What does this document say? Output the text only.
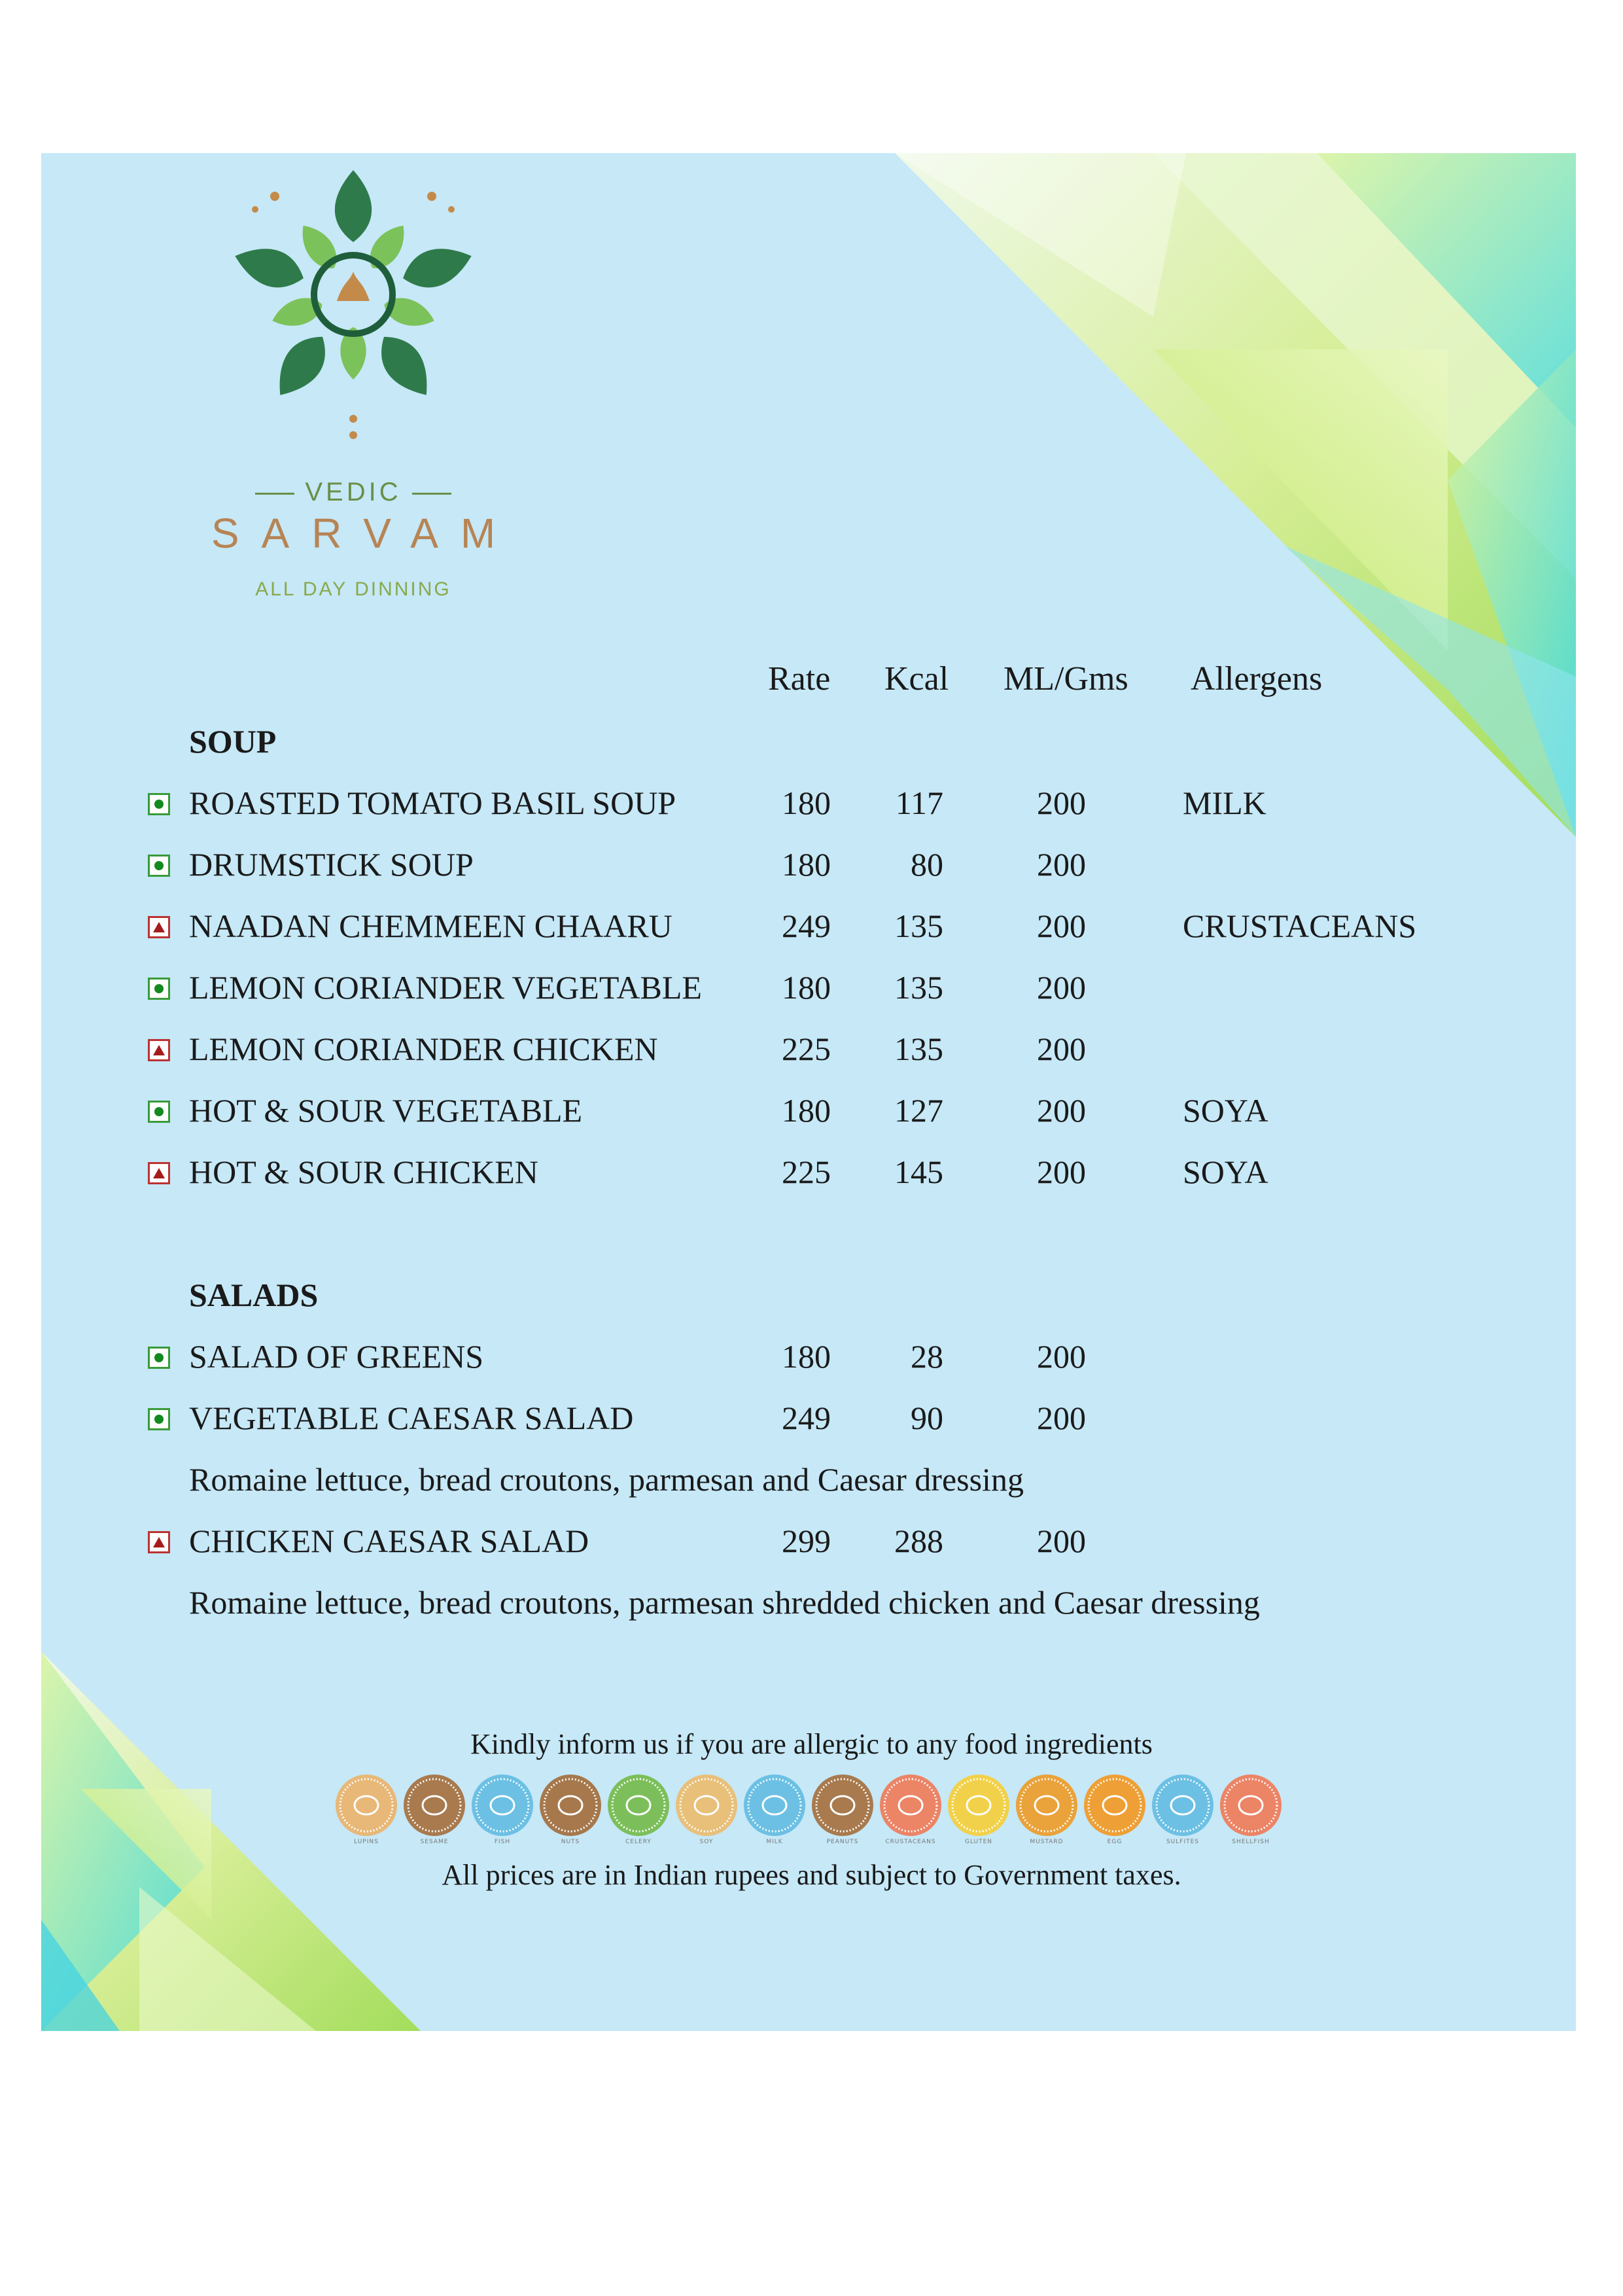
VEDIC
SARVAM
ALL DAY DINNING
Rate Kcal ML/Gms Allergens
SOUP
ROASTED TOMATO BASIL SOUP	180	117	200	MILK
DRUMSTICK SOUP	180	80	200
NAADAN CHEMMEEN CHAARU	249	135	200	CRUSTACEANS
LEMON CORIANDER VEGETABLE	180	135	200
LEMON CORIANDER CHICKEN	225	135	200
HOT & SOUR VEGETABLE	180	127	200	SOYA
HOT & SOUR CHICKEN	225	145	200	SOYA
SALADS
SALAD OF GREENS	180	28	200
VEGETABLE CAESAR SALAD	249	90	200
Romaine lettuce, bread croutons, parmesan and Caesar dressing
CHICKEN CAESAR SALAD	299	288	200
Romaine lettuce, bread croutons, parmesan shredded chicken and Caesar dressing
Kindly inform us if you are allergic to any food ingredients
LUPINS	SESAME	FISH	NUTS	CELERY	SOY	MILK	PEANUTS	CRUSTACEANS	GLUTEN	MUSTARD	EGG	SULFITES	SHELLFISH
All prices are in Indian rupees and subject to Government taxes.
